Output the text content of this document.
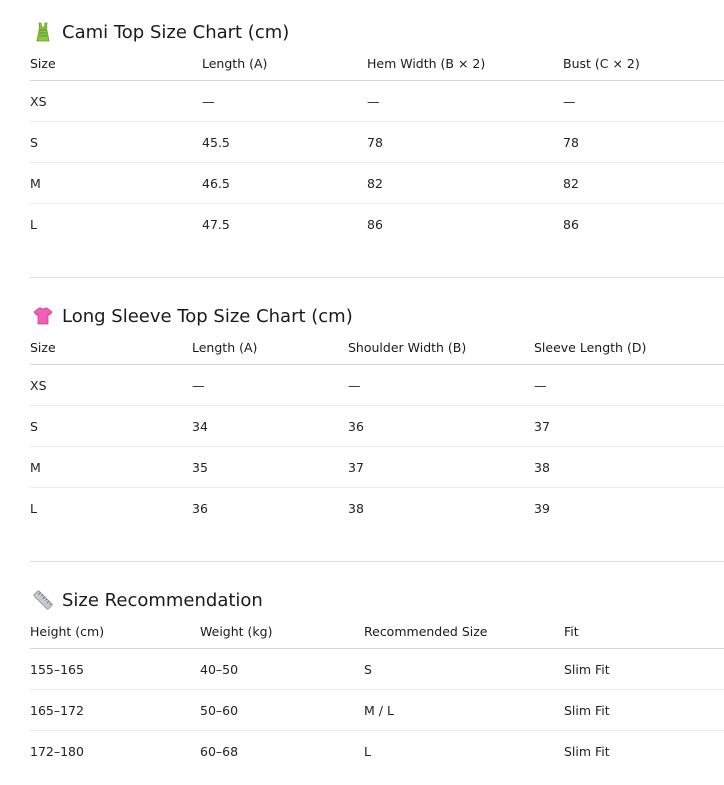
Cami Top Size Chart (cm)
Size	Length (A)	Hem Width (B × 2)	Bust (C × 2)
XS	—	—	—
S	45.5	78	78
M	46.5	82	82
L	47.5	86	86
Long Sleeve Top Size Chart (cm)
Size	Length (A)	Shoulder Width (B)	Sleeve Length (D)
XS	—	—	—
S	34	36	37
M	35	37	38
L	36	38	39
Size Recommendation
Height (cm)	Weight (kg)	Recommended Size	Fit
155–165	40–50	S	Slim Fit
165–172	50–60	M / L	Slim Fit
172–180	60–68	L	Slim Fit
